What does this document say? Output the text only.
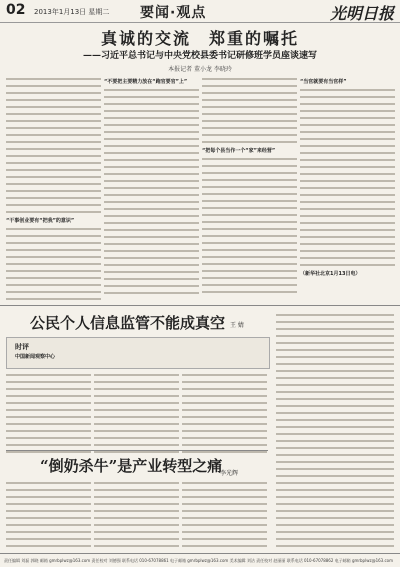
02 2013年1月13日 星期二 要闻·观点	光明日报
真诚的交流　郑重的嘱托
——习近平总书记与中央党校县委书记研修班学员座谈速写
本报记者 董小龙 李晓玲

“干事创业要有“把我”的意识”

“不要把主要精力放在“跑官要官”上”

“把每个县当作一个“家”来经营”

“当官就要有当官样”

（新华社北京1月13日电）
公民个人信息监管不能成真空 王 婧
时评
中国新闻观察中心

“倒奶杀牛”是产业转型之痛
李光辉

责任编辑 刘磊 郭晓 邮箱 gmrbplwz@163.com 责任校对 刘德强 联系电话 010-67078861 电子邮箱 gmrbplwz@163.com 美术编辑 刘洁 责任校对 赵丽丽 联系电话 010-67078862 电子邮箱 gmrbplwz@163.com
